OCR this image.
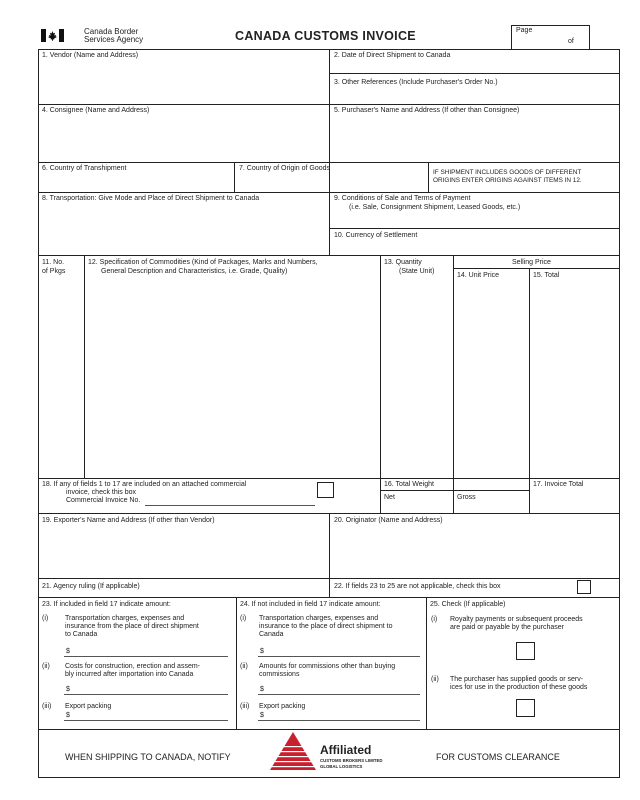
Canada Border
Services Agency	CANADA CUSTOMS INVOICE	Page
of
1. Vendor (Name and Address)	2. Date of Direct Shipment to Canada
3. Other References (Include Purchaser's Order No.)
4. Consignee (Name and Address)	5. Purchaser's Name and Address (If other than Consignee)
6. Country of Transhipment	7. Country of Origin of Goods
IF SHIPMENT INCLUDES GOODS OF DIFFERENT
ORIGINS ENTER ORIGINS AGAINST ITEMS IN 12.
8. Transportation: Give Mode and Place of Direct Shipment to Canada	9. Conditions of Sale and Terms of Payment
(i.e. Sale, Consignment Shipment, Leased Goods, etc.)
10. Currency of Settlement
11. No.
of Pkgs
12. Specification of Commodities (Kind of Packages, Marks and Numbers,
General Description and Characteristics, i.e. Grade, Quality)
13. Quantity
(State Unit)
Selling Price
14. Unit Price	15. Total
18. If any of fields 1 to 17 are included on an attached commercial
invoice, check this box
Commercial Invoice No.
16. Total Weight
Net	Gross
17. Invoice Total
19. Exporter's Name and Address (If other than Vendor)	20. Originator (Name and Address)
21. Agency ruling (If applicable)	22. If fields 23 to 25 are not applicable, check this box
23. If included in field 17 indicate amount:
(i) Transportation charges, expenses and
insurance from the place of direct shipment
to Canada
$
(ii) Costs for construction, erection and assem-
bly incurred after importation into Canada
$
(iii) Export packing
$
24. If not included in field 17 indicate amount:
(i) Transportation charges, expenses and
insurance to the place of direct shipment to
Canada
$
(ii) Amounts for commissions other than buying
commissions
$
(iii) Export packing
$
25. Check (If applicable)
(i) Royalty payments or subsequent proceeds
are paid or payable by the purchaser
(ii) The purchaser has supplied goods or serv-
ices for use in the production of these goods
WHEN SHIPPING TO CANADA, NOTIFY	Affiliated
CUSTOMS BROKERS LIMITED
GLOBAL LOGISTICS
FOR CUSTOMS CLEARANCE
